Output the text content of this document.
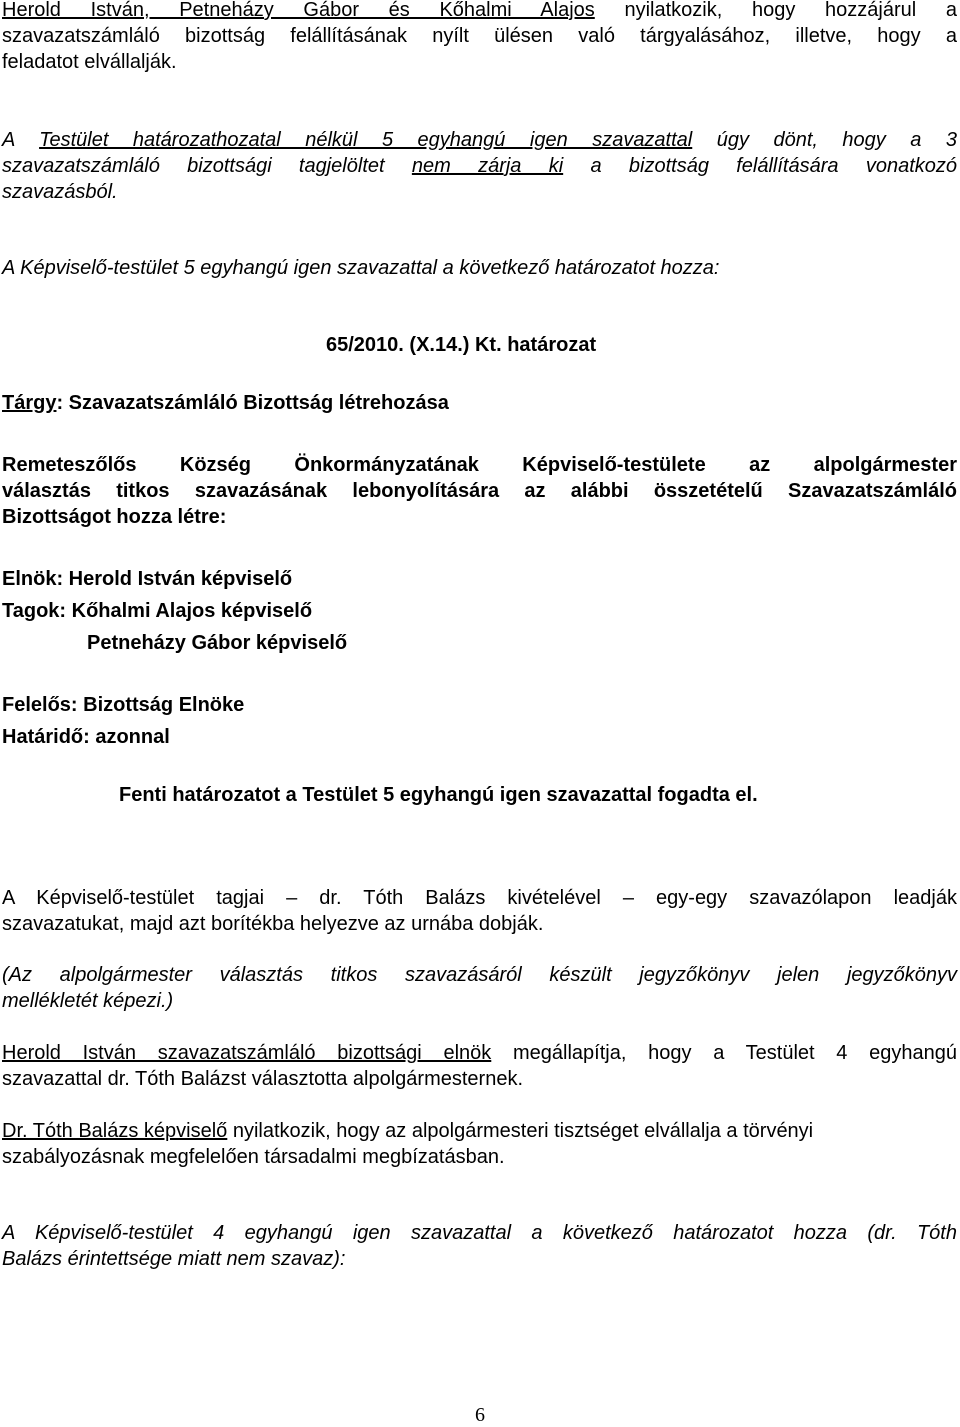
Herold István, Petneházy Gábor és Kőhalmi Alajos nyilatkozik, hogy hozzájárul a
szavazatszámláló bizottság felállításának nyílt ülésen való tárgyalásához, illetve, hogy a
feladatot elvállalják.
A Testület határozathozatal nélkül 5 egyhangú igen szavazattal úgy dönt, hogy a 3
szavazatszámláló bizottsági tagjelöltet nem zárja ki a bizottság felállítására vonatkozó
szavazásból.
A Képviselő-testület 5 egyhangú igen szavazattal a következő határozatot hozza:
65/2010. (X.14.) Kt. határozat
Tárgy: Szavazatszámláló Bizottság létrehozása
Remeteszőlős Község Önkormányzatának Képviselő-testülete az alpolgármester
választás titkos szavazásának lebonyolítására az alábbi összetételű Szavazatszámláló
Bizottságot hozza létre:
Elnök: Herold István képviselő
Tagok: Kőhalmi Alajos képviselő
Petneházy Gábor képviselő
Felelős: Bizottság Elnöke
Határidő: azonnal
Fenti határozatot a Testület 5 egyhangú igen szavazattal fogadta el.
A Képviselő-testület tagjai – dr. Tóth Balázs kivételével – egy-egy szavazólapon leadják
szavazatukat, majd azt borítékba helyezve az urnába dobják.
(Az alpolgármester választás titkos szavazásáról készült jegyzőkönyv jelen jegyzőkönyv
mellékletét képezi.)
Herold István szavazatszámláló bizottsági elnök megállapítja, hogy a Testület 4 egyhangú
szavazattal dr. Tóth Balázst választotta alpolgármesternek.
Dr. Tóth Balázs képviselő nyilatkozik, hogy az alpolgármesteri tisztséget elvállalja a törvényi
szabályozásnak megfelelően társadalmi megbízatásban.
A Képviselő-testület 4 egyhangú igen szavazattal a következő határozatot hozza (dr. Tóth
Balázs érintettsége miatt nem szavaz):
6
